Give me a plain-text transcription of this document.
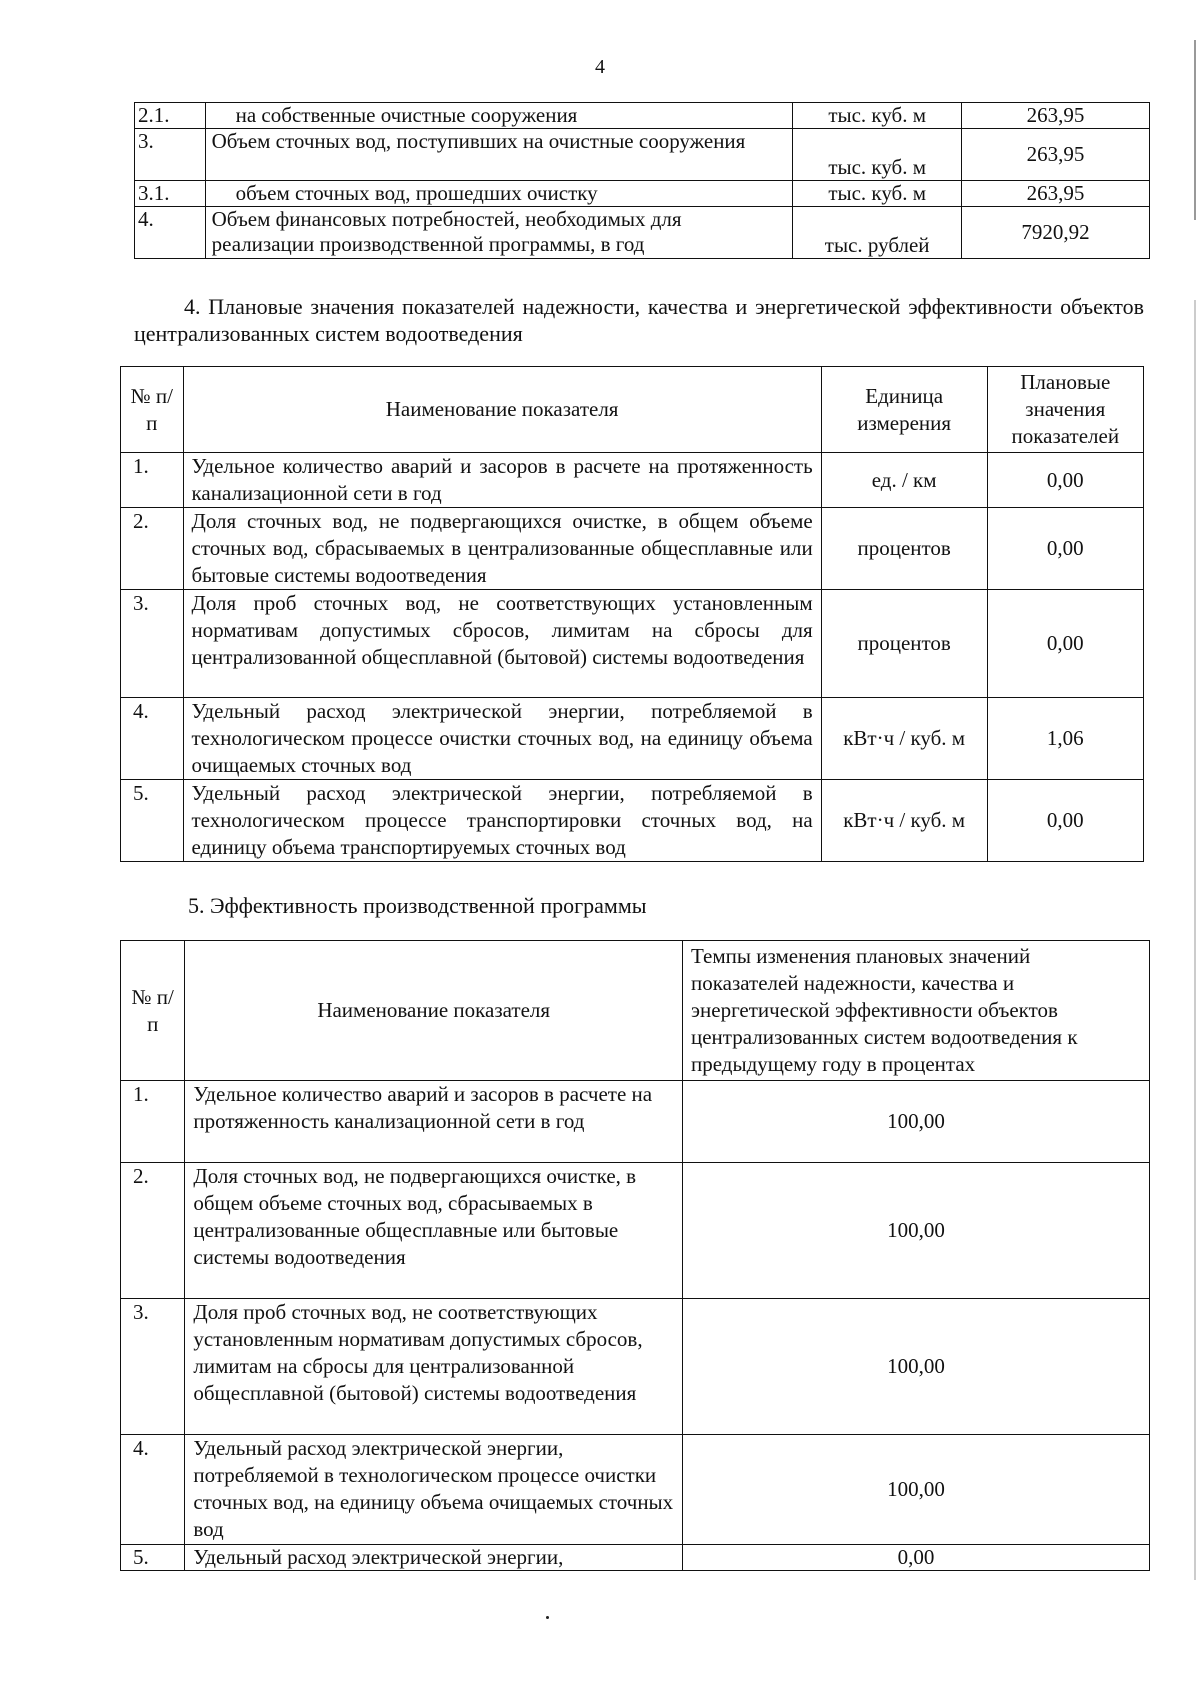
4
2.1.	на собственные очистные сооружения	тыс. куб. м	263,95
3.	Объем сточных вод, поступивших на очистные сооружения	тыс. куб. м	263,95
3.1.	объем сточных вод, прошедших очистку	тыс. куб. м	263,95
4.	Объем финансовых потребностей, необходимых для реализации производственной программы, в год	тыс. рублей	7920,92
4. Плановые значения показателей надежности, качества и энергетической эффективности объектов централизованных систем водоотведения
№ п/п	Наименование показателя	Единица измерения	Плановые значения показателей
1.	Удельное количество аварий и засоров в расчете на протяженность канализационной сети в год	ед. / км	0,00
2.	Доля сточных вод, не подвергающихся очистке, в общем объеме сточных вод, сбрасываемых в централизованные общесплавные или бытовые системы водоотведения	процентов	0,00
3.	Доля проб сточных вод, не соответствующих установленным нормативам допустимых сбросов, лимитам на сбросы для централизованной общесплавной (бытовой) системы водоотведения	процентов	0,00
4.	Удельный расход электрической энергии, потребляемой в технологическом процессе очистки сточных вод, на единицу объема очищаемых сточных вод	кВт·ч / куб. м	1,06
5.	Удельный расход электрической энергии, потребляемой в технологическом процессе транспортировки сточных вод, на единицу объема транспортируемых сточных вод	кВт·ч / куб. м	0,00
5. Эффективность производственной программы
№ п/п	Наименование показателя	Темпы изменения плановых значений показателей надежности, качества и энергетической эффективности объектов централизованных систем водоотведения к предыдущему году в процентах
1.	Удельное количество аварий и засоров в расчете на протяженность канализационной сети в год	100,00
2.	Доля сточных вод, не подвергающихся очистке, в общем объеме сточных вод, сбрасываемых в централизованные общесплавные или бытовые системы водоотведения	100,00
3.	Доля проб сточных вод, не соответствующих установленным нормативам допустимых сбросов, лимитам на сбросы для централизованной общесплавной (бытовой) системы водоотведения	100,00
4.	Удельный расход электрической энергии, потребляемой в технологическом процессе очистки сточных вод, на единицу объема очищаемых сточных вод	100,00
5.	Удельный расход электрической энергии,	0,00
